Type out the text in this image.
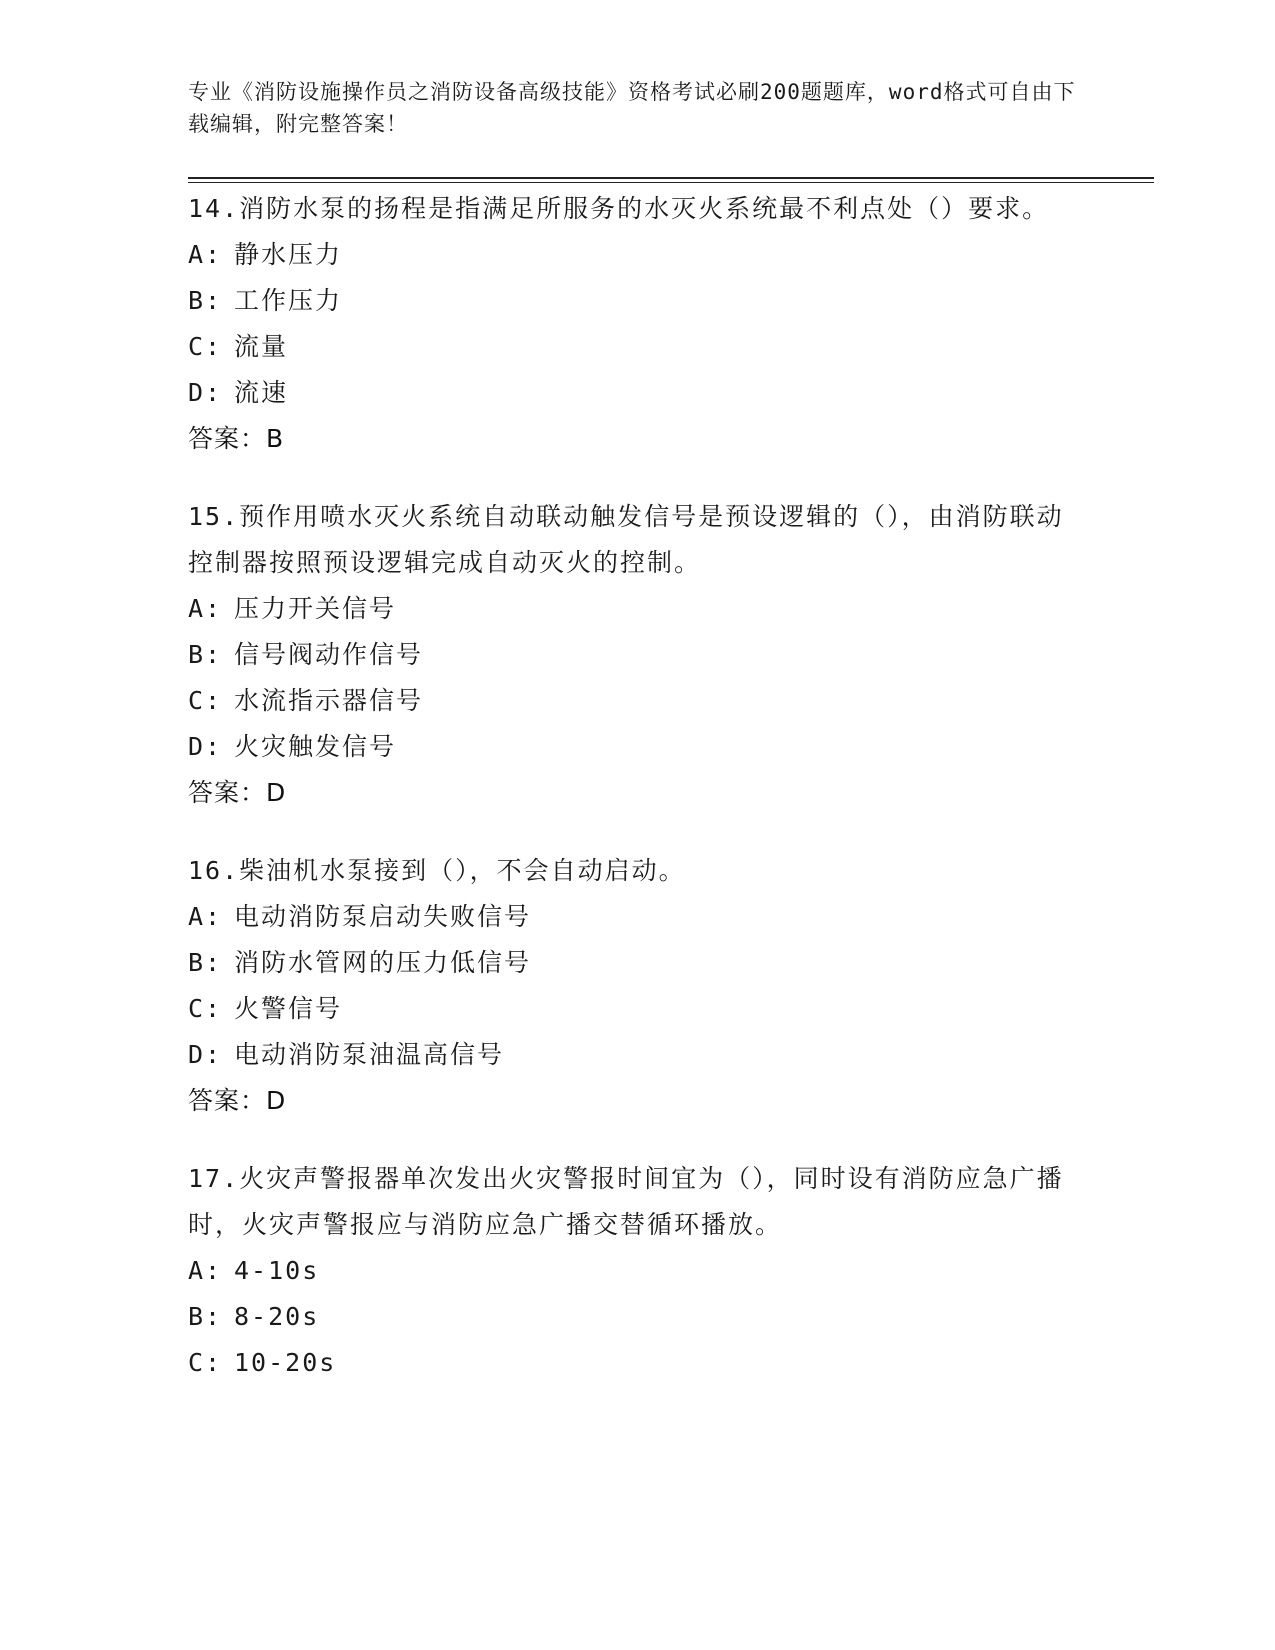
专业《消防设施操作员之消防设备高级技能》资格考试必刷200题题库，word格式可自由下载编辑，附完整答案！
14.消防水泵的扬程是指满足所服务的水灭火系统最不利点处（）要求。
A: 静水压力
B: 工作压力
C: 流量
D: 流速
答案：B
15.预作用喷水灭火系统自动联动触发信号是预设逻辑的（），由消防联动控制器按照预设逻辑完成自动灭火的控制。
A: 压力开关信号
B: 信号阀动作信号
C: 水流指示器信号
D: 火灾触发信号
答案：D
16.柴油机水泵接到（），不会自动启动。
A: 电动消防泵启动失败信号
B: 消防水管网的压力低信号
C: 火警信号
D: 电动消防泵油温高信号
答案：D
17.火灾声警报器单次发出火灾警报时间宜为（），同时设有消防应急广播时，火灾声警报应与消防应急广播交替循环播放。
A: 4-10s
B: 8-20s
C: 10-20s
